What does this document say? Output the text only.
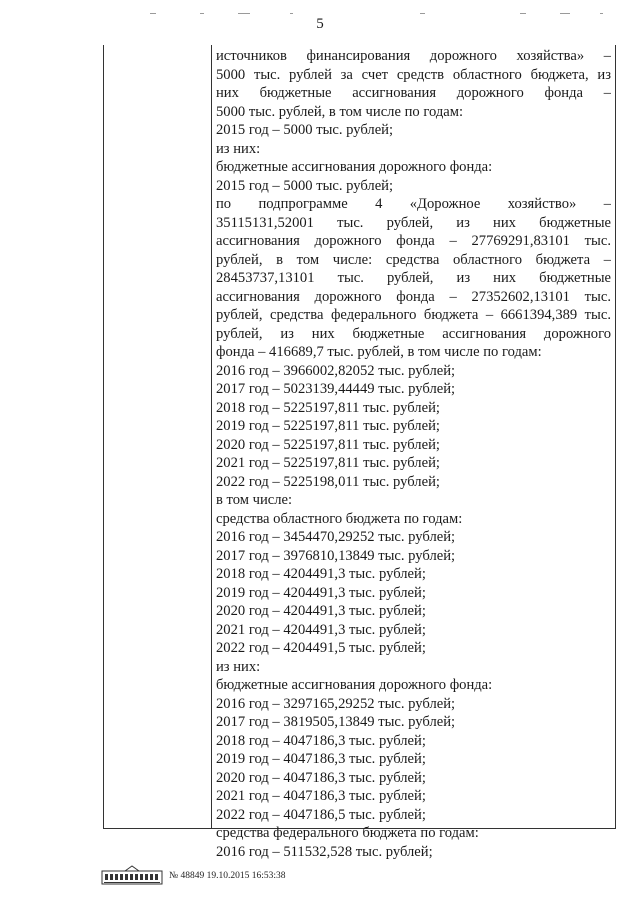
5
источников финансирования дорожного хозяйства» –
5000 тыс. рублей за счет средств областного бюджета, из
них бюджетные ассигнования дорожного фонда –
5000 тыс. рублей, в том числе по годам:
2015 год – 5000 тыс. рублей;
из них:
бюджетные ассигнования дорожного фонда:
2015 год – 5000 тыс. рублей;
по подпрограмме 4 «Дорожное хозяйство» –
35115131,52001 тыс. рублей, из них бюджетные
ассигнования дорожного фонда – 27769291,83101 тыс.
рублей, в том числе: средства областного бюджета –
28453737,13101 тыс. рублей, из них бюджетные
ассигнования дорожного фонда – 27352602,13101 тыс.
рублей, средства федерального бюджета – 6661394,389 тыс.
рублей, из них бюджетные ассигнования дорожного
фонда – 416689,7 тыс. рублей, в том числе по годам:
2016 год – 3966002,82052 тыс. рублей;
2017 год – 5023139,44449 тыс. рублей;
2018 год – 5225197,811 тыс. рублей;
2019 год – 5225197,811 тыс. рублей;
2020 год – 5225197,811 тыс. рублей;
2021 год – 5225197,811 тыс. рублей;
2022 год – 5225198,011 тыс. рублей;
в том числе:
средства областного бюджета по годам:
2016 год – 3454470,29252 тыс. рублей;
2017 год – 3976810,13849 тыс. рублей;
2018 год – 4204491,3 тыс. рублей;
2019 год – 4204491,3 тыс. рублей;
2020 год – 4204491,3 тыс. рублей;
2021 год – 4204491,3 тыс. рублей;
2022 год – 4204491,5 тыс. рублей;
из них:
бюджетные ассигнования дорожного фонда:
2016 год – 3297165,29252 тыс. рублей;
2017 год – 3819505,13849 тыс. рублей;
2018 год – 4047186,3 тыс. рублей;
2019 год – 4047186,3 тыс. рублей;
2020 год – 4047186,3 тыс. рублей;
2021 год – 4047186,3 тыс. рублей;
2022 год – 4047186,5 тыс. рублей;
средства федерального бюджета по годам:
2016 год – 511532,528 тыс. рублей;
№ 48849 19.10.2015 16:53:38
